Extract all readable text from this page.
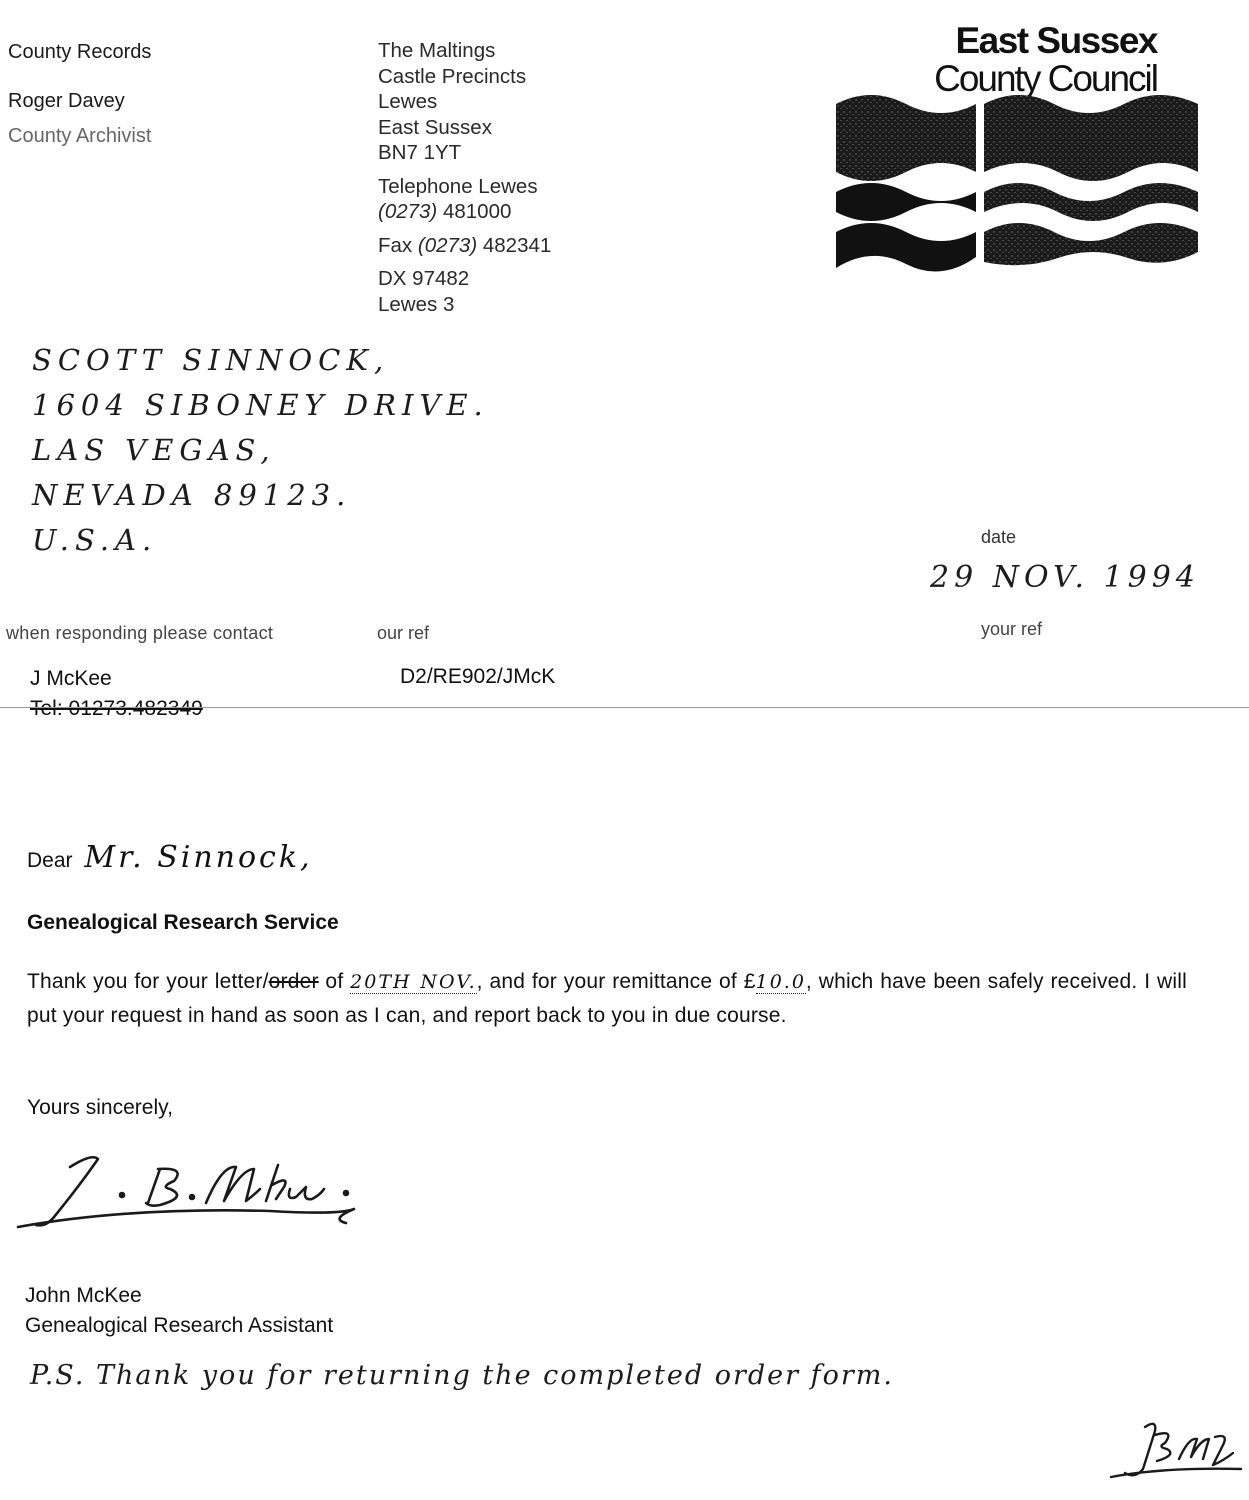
County Records
Roger Davey
County Archivist
The Maltings
Castle Precincts
Lewes
East Sussex
BN7 1YT
Telephone Lewes
(0273) 481000
Fax (0273) 482341
DX 97482
Lewes 3
East Sussex
County Council
SCOTT SINNOCK,
1604 SIBONEY DRIVE.
LAS VEGAS,
NEVADA 89123.
U.S.A.	date
29 NOV. 1994
when responding please contact	our ref	your ref
J McKee	D2/RE902/JMcK
Tel: 01273.482349
Dear Mr. Sinnock,
Genealogical Research Service
Thank you for your letter/order of 20TH NOV., and for your remittance of £10.0, which have been safely received. I will put your request in hand as soon as I can, and report back to you in due course.
Yours sincerely,
John McKee
Genealogical Research Assistant
P.S. Thank you for returning the completed order form.
